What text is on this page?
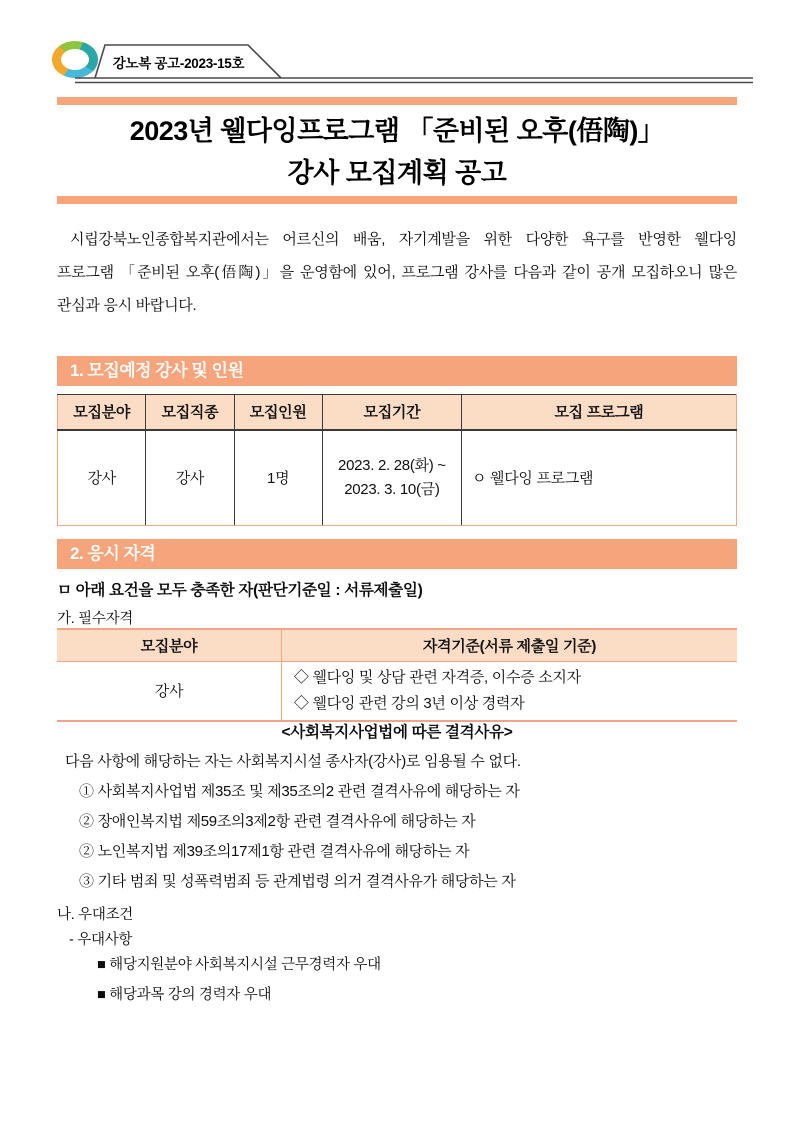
강노복 공고-2023-15호
2023년 웰다잉프로그램 「준비된 오후(俉陶)」
강사 모집계획 공고
시립강북노인종합복지관에서는 어르신의 배움, 자기계발을 위한 다양한 욕구를 반영한 웰다잉
프로그램 「준비된 오후(俉陶)」을 운영함에 있어, 프로그램 강사를 다음과 같이 공개 모집하오니 많은
관심과 응시 바랍니다.
1. 모집예정 강사 및 인원
모집분야	모집직종	모집인원	모집기간	모집 프로그램
강사	강사	1명	2023. 2. 28(화) ~
2023. 3. 10(금)	ㅇ 웰다잉 프로그램
2. 응시 자격
ㅁ 아래 요건을 모두 충족한 자(판단기준일 : 서류제출일)
가. 필수자격
모집분야	자격기준(서류 제출일 기준)
강사	◇ 웰다잉 및 상담 관련 자격증, 이수증 소지자
◇ 웰다잉 관련 강의 3년 이상 경력자
<사회복지사업법에 따른 결격사유>
다음 사항에 해당하는 자는 사회복지시설 종사자(강사)로 임용될 수 없다.
① 사회복지사업법 제35조 및 제35조의2 관련 결격사유에 해당하는 자
② 장애인복지법 제59조의3제2항 관련 결격사유에 해당하는 자
② 노인복지법 제39조의17제1항 관련 결격사유에 해당하는 자
③ 기타 범죄 및 성폭력범죄 등 관계법령 의거 결격사유가 해당하는 자
나. 우대조건
- 우대사항
■ 해당지원분야 사회복지시설 근무경력자 우대
■ 해당과목 강의 경력자 우대
